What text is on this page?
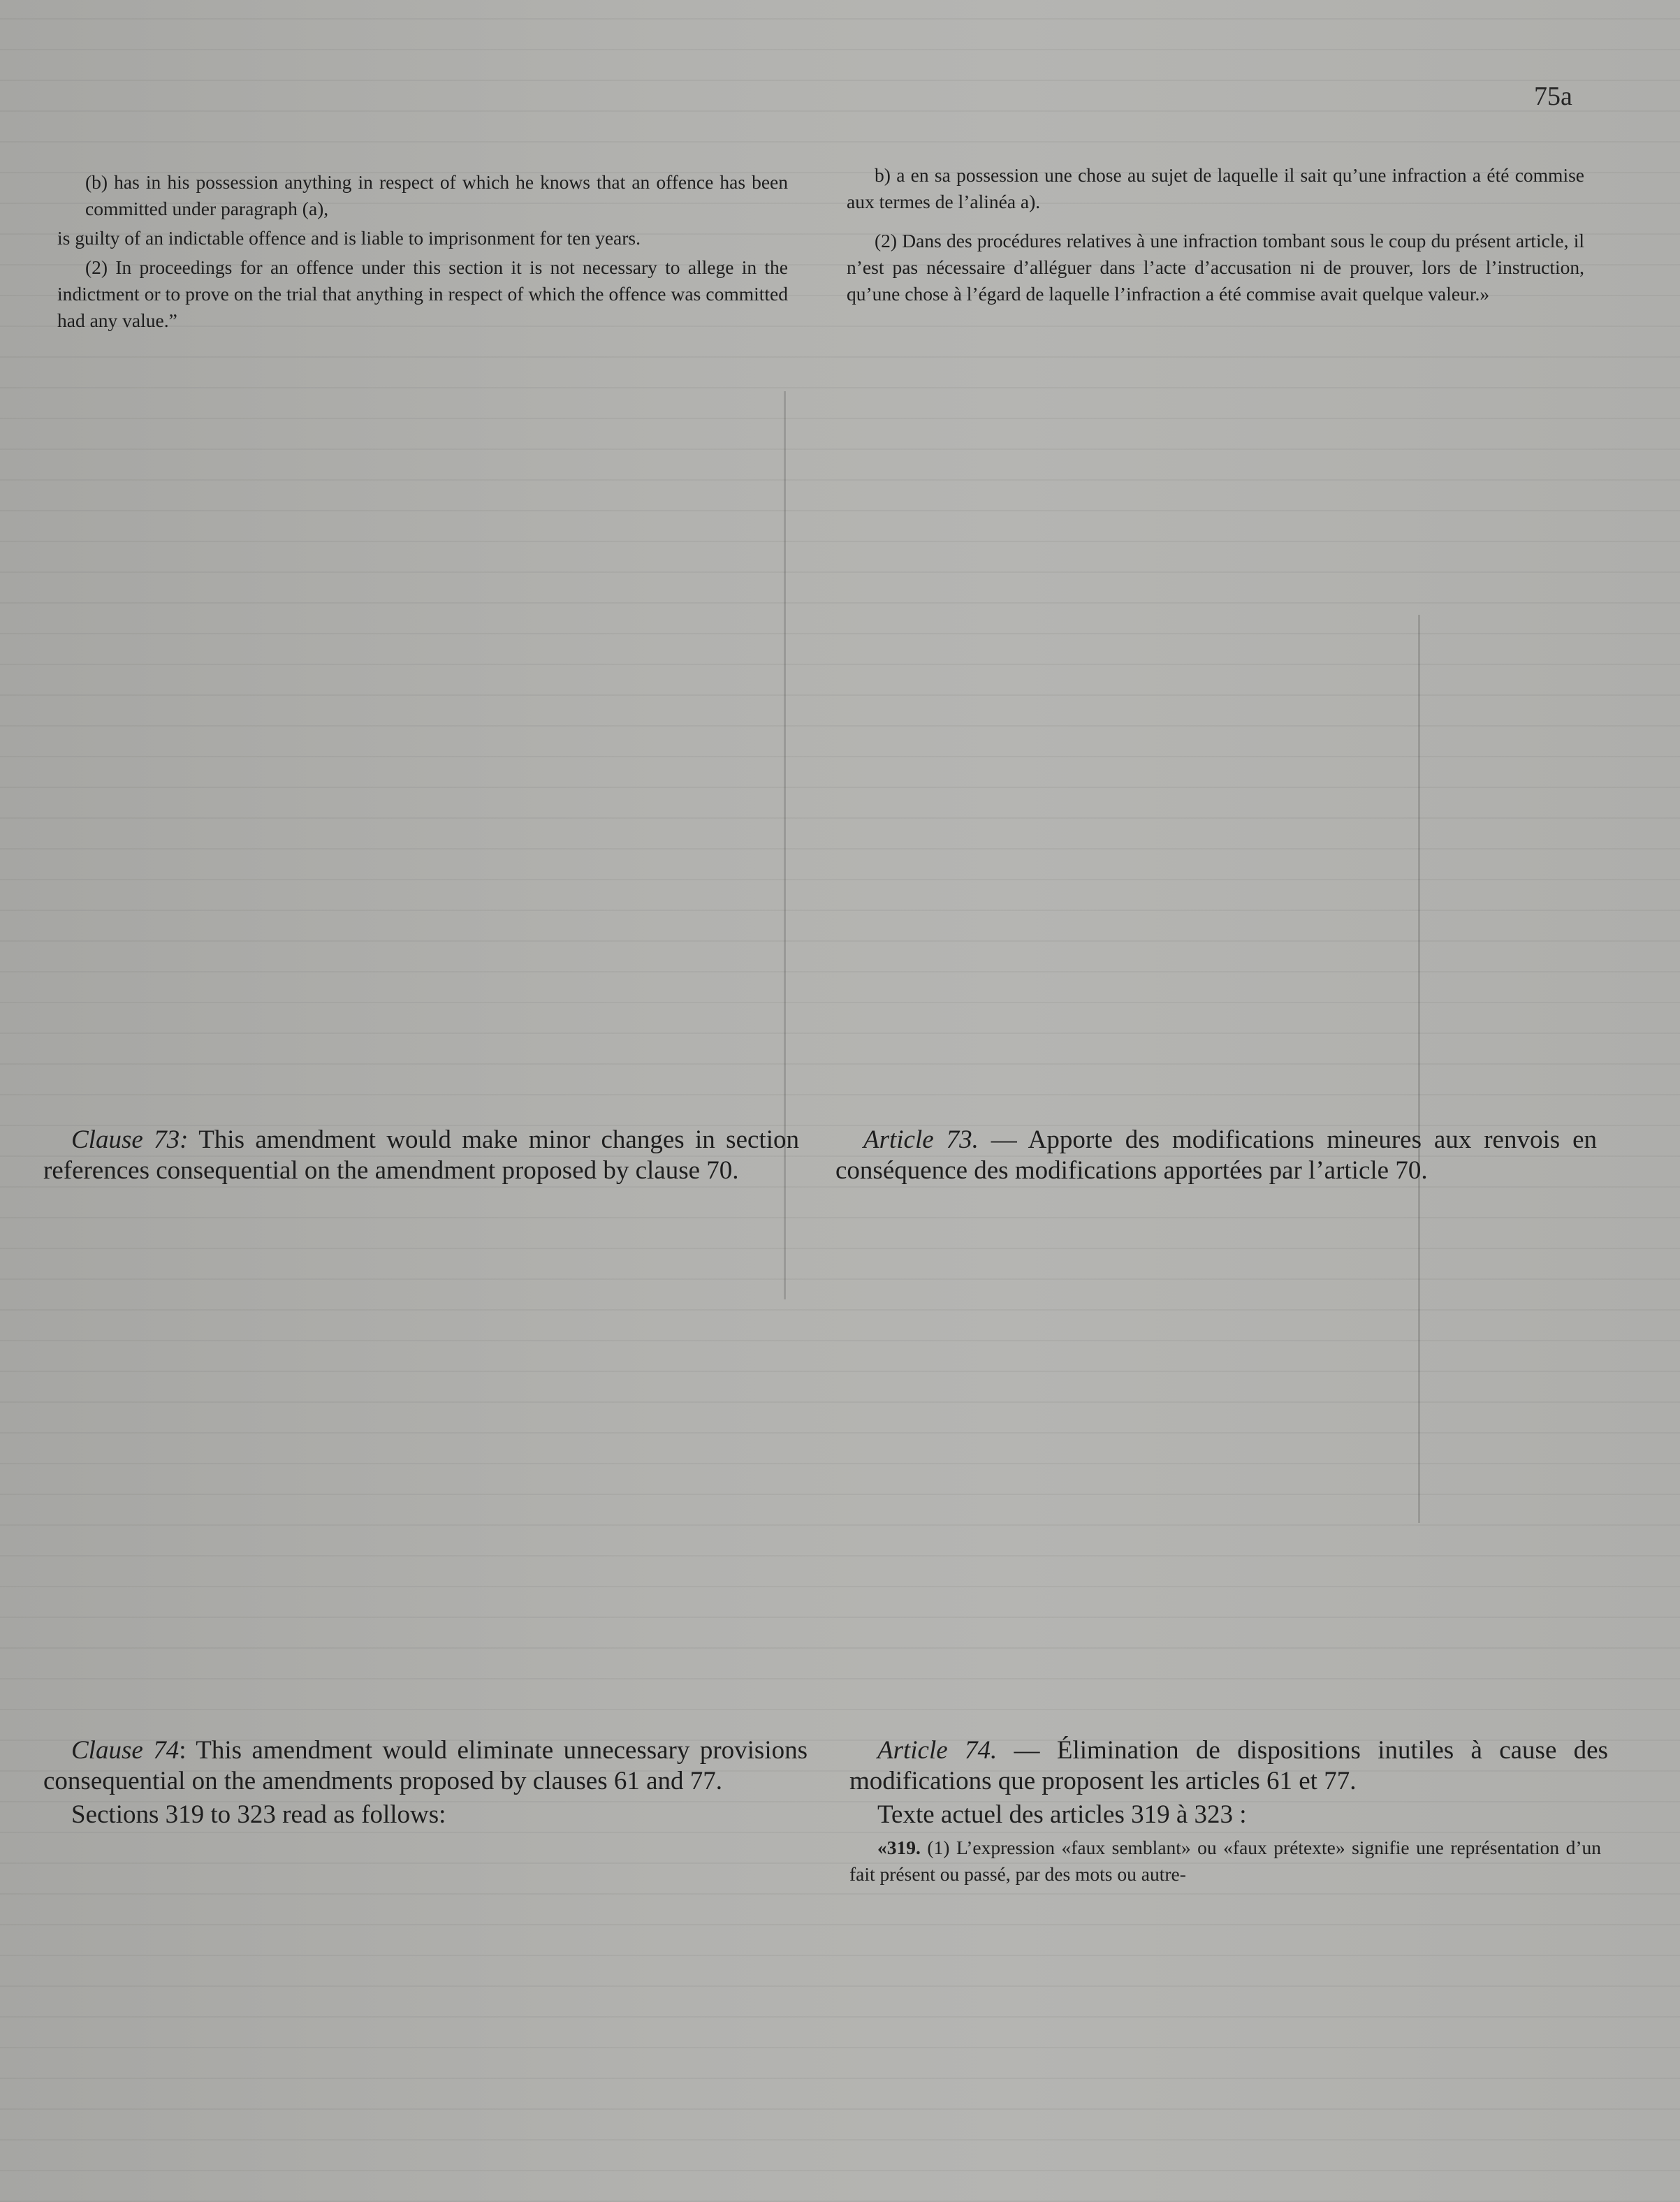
75a

(b) has in his possession anything in respect of which he knows that an offence has been committed under paragraph (a),

is guilty of an indictable offence and is liable to imprisonment for ten years.

(2) In proceedings for an offence under this section it is not necessary to allege in the indictment or to prove on the trial that anything in respect of which the offence was committed had any value.”

Clause 73: This amendment would make minor changes in section references consequential on the amendment proposed by clause 70.

Clause 74: This amendment would eliminate unnecessary provisions consequential on the amendments proposed by clauses 61 and 77.

Sections 319 to 323 read as follows:

b) a en sa possession une chose au sujet de laquelle il sait qu’une infraction a été commise aux termes de l’alinéa a).

(2) Dans des procédures relatives à une infraction tombant sous le coup du présent article, il n’est pas nécessaire d’alléguer dans l’acte d’accusation ni de prouver, lors de l’instruction, qu’une chose à l’égard de laquelle l’infraction a été commise avait quelque valeur.»

Article 73. — Apporte des modifications mineures aux renvois en conséquence des modifications apportées par l’article 70.

Article 74. — Élimination de dispositions inutiles à cause des modifications que proposent les articles 61 et 77.

Texte actuel des articles 319 à 323 :

«319. (1) L’expression «faux semblant» ou «faux prétexte» signifie une représentation d’un fait présent ou passé, par des mots ou autre-
